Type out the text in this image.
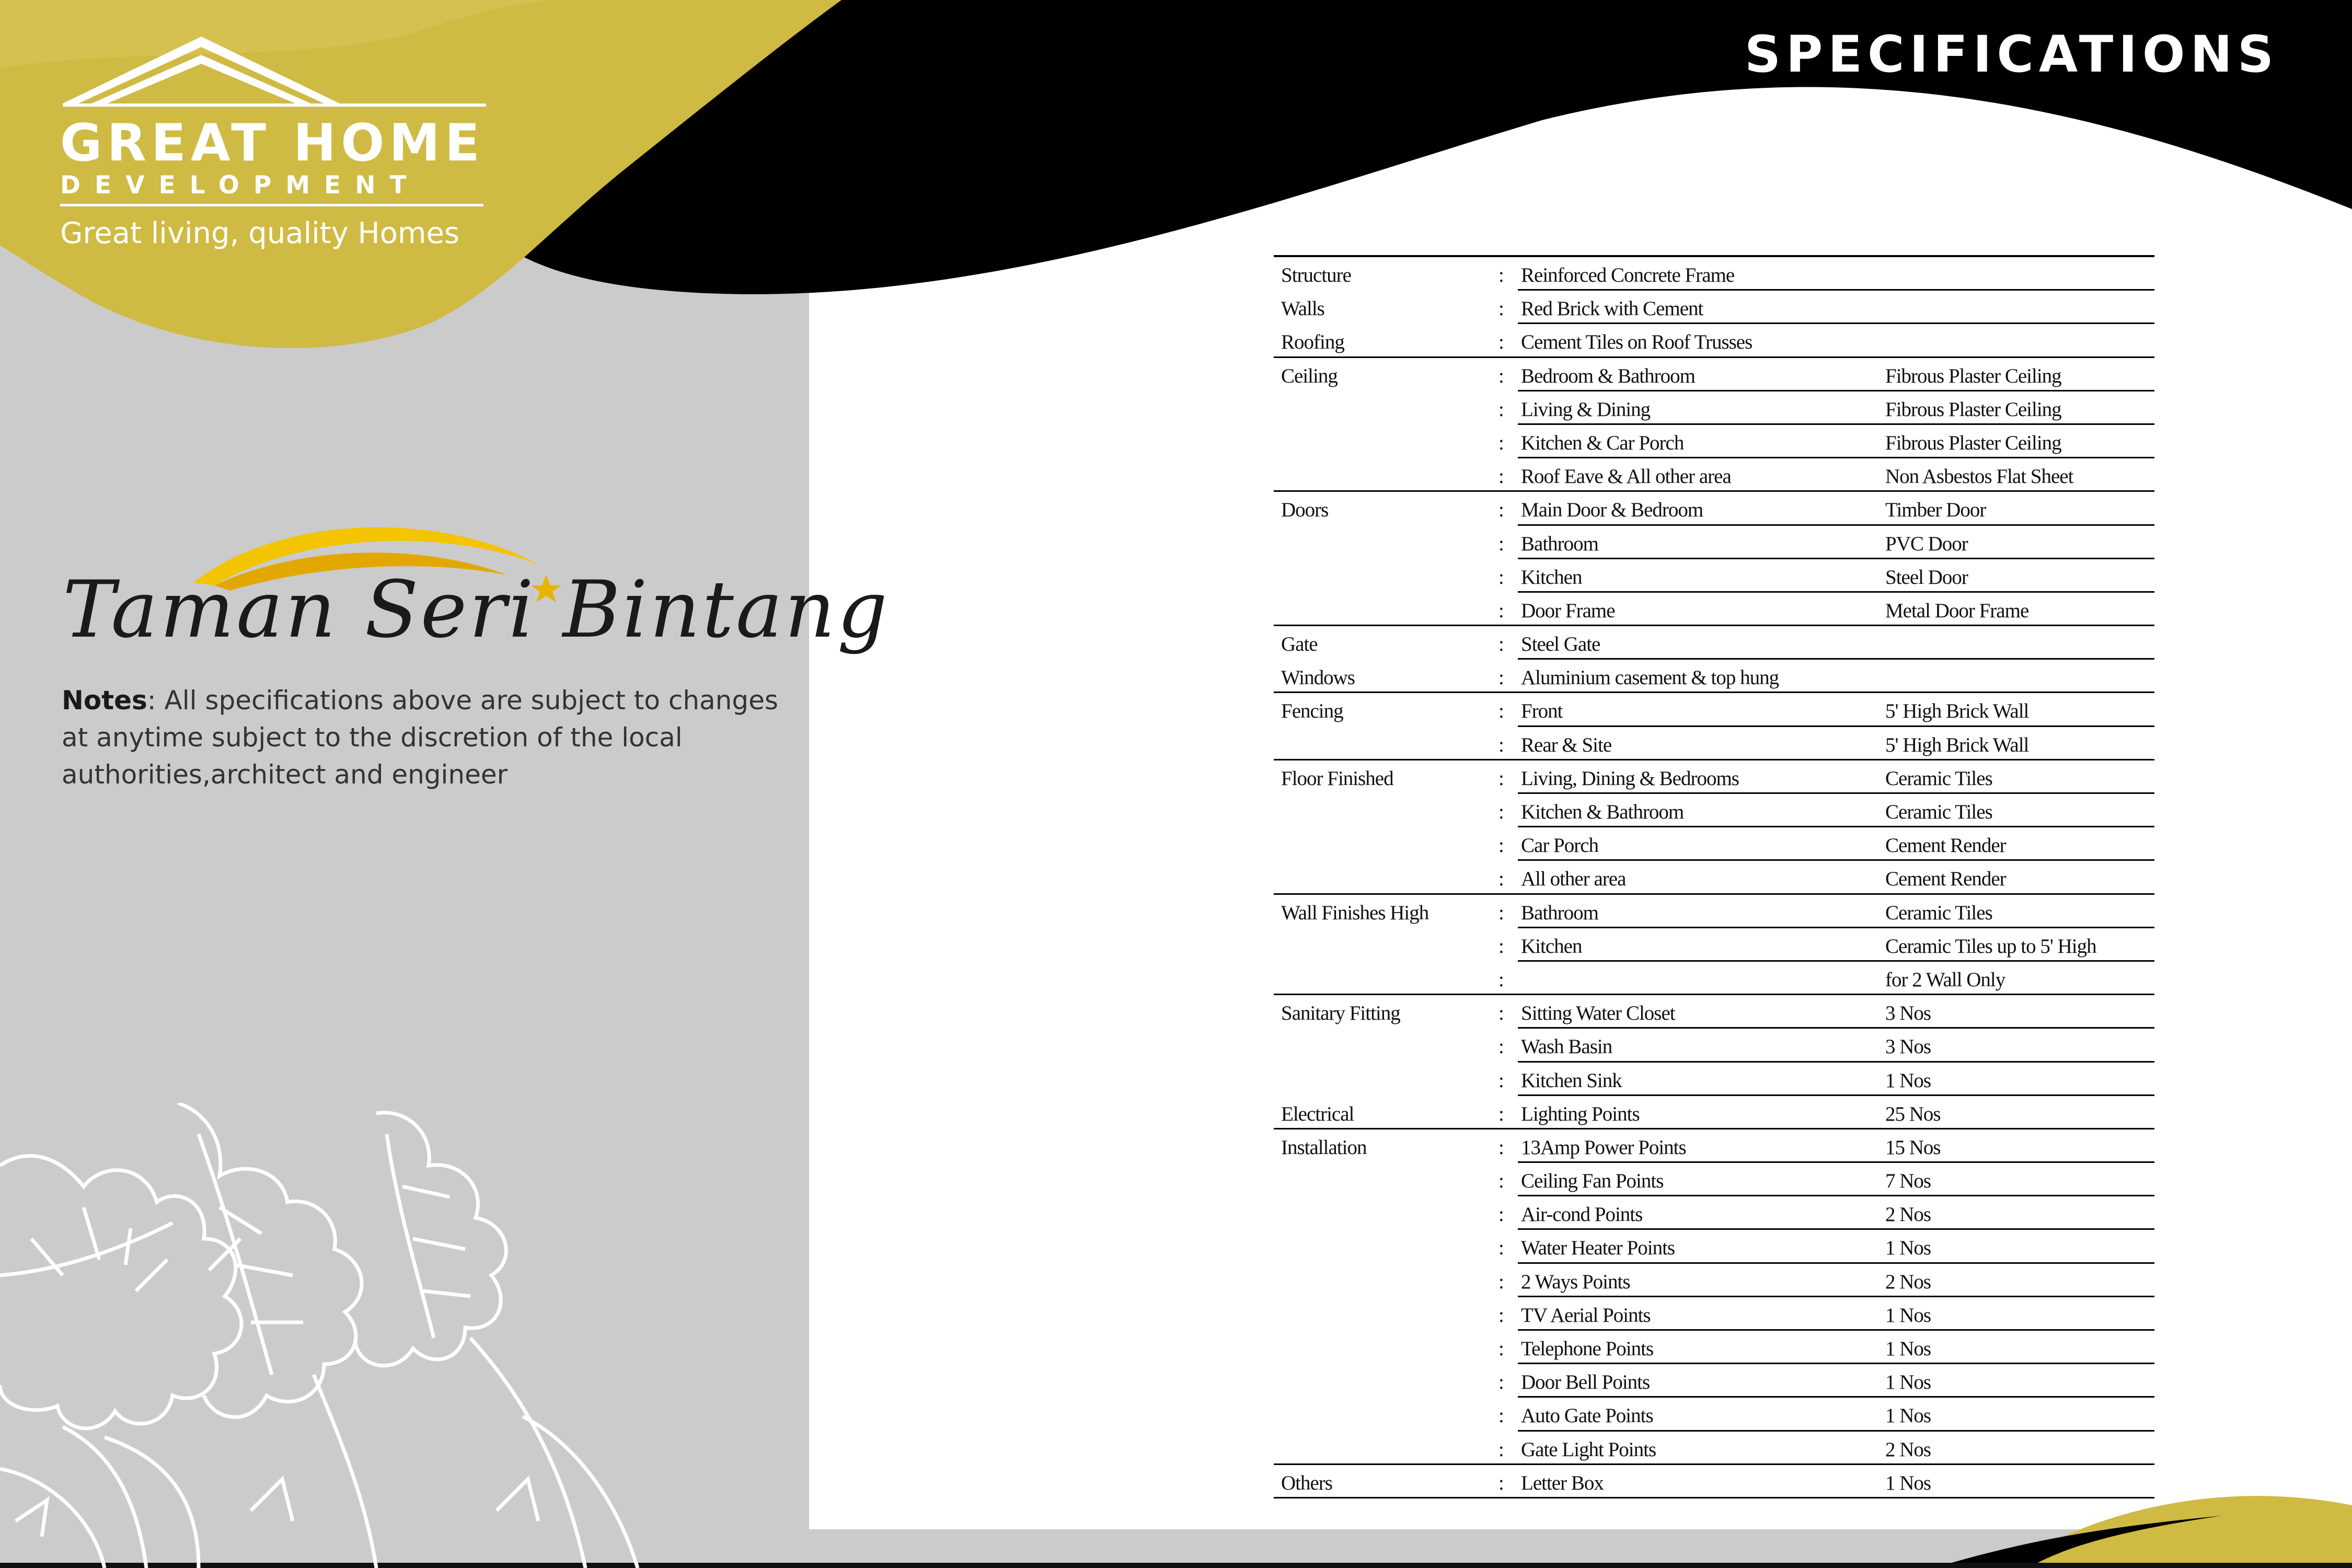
GREAT HOME
DEVELOPMENT
Great living, quality Homes
SPECIFICATIONS
Taman Seri Bintang
Notes: All specifications above are subject to changes at anytime subject to the discretion of the local authorities,architect and engineer
Structure	: Reinforced Concrete Frame
Walls	: Red Brick with Cement
Roofing	: Cement Tiles on Roof Trusses
Ceiling	: Bedroom & Bathroom	Fibrous Plaster Ceiling
: Living & Dining	Fibrous Plaster Ceiling
: Kitchen & Car Porch	Fibrous Plaster Ceiling
: Roof Eave & All other area	Non Asbestos Flat Sheet
Doors	: Main Door & Bedroom	Timber Door
: Bathroom	PVC Door
: Kitchen	Steel Door
: Door Frame	Metal Door Frame
Gate	: Steel Gate
Windows	: Aluminium casement & top hung
Fencing	: Front	5' High Brick Wall
: Rear & Site	5' High Brick Wall
Floor Finished	: Living, Dining & Bedrooms	Ceramic Tiles
: Kitchen & Bathroom	Ceramic Tiles
: Car Porch	Cement Render
: All other area	Cement Render
Wall Finishes High	: Bathroom	Ceramic Tiles
: Kitchen	Ceramic Tiles up to 5' High
:	for 2 Wall Only
Sanitary Fitting	: Sitting Water Closet	3 Nos
: Wash Basin	3 Nos
: Kitchen Sink	1 Nos
Electrical	: Lighting Points	25 Nos
Installation	: 13Amp Power Points	15 Nos
: Ceiling Fan Points	7 Nos
: Air-cond Points	2 Nos
: Water Heater Points	1 Nos
: 2 Ways Points	2 Nos
: TV Aerial Points	1 Nos
: Telephone Points	1 Nos
: Door Bell Points	1 Nos
: Auto Gate Points	1 Nos
: Gate Light Points	2 Nos
Others	: Letter Box	1 Nos
